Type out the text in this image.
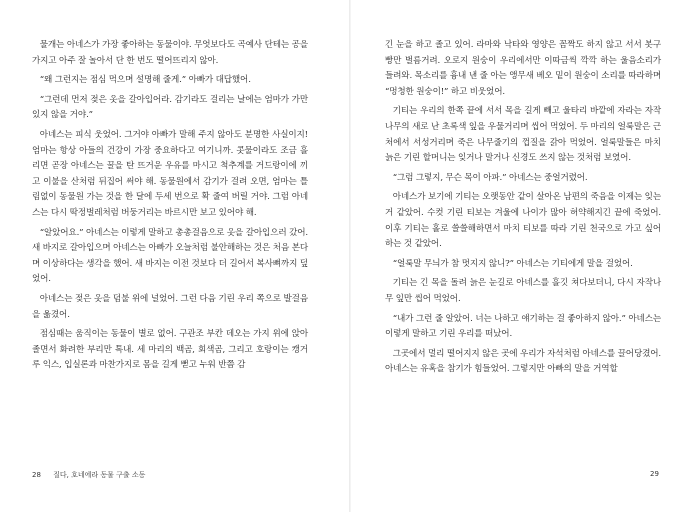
물개는 아네스가 가장 좋아하는 동물이야. 무엇보다도 곡예사 단테는 공을 가지고 아주 잘 놀아서 단 한 번도 떨어뜨리지 않아.

“왜 그런지는 점심 먹으며 설명해 줄게.” 아빠가 대답했어.

“그런데 먼저 젖은 옷을 갈아입어라. 감기라도 걸리는 날에는 엄마가 가만있지 않을 거야.”

아네스는 피식 웃었어. 그거야 아빠가 말해 주지 않아도 분명한 사실이지! 엄마는 항상 아들의 건강이 가장 중요하다고 여기니까. 콧물이라도 조금 흘리면 곧장 아네스는 꿀을 탄 뜨거운 우유를 마시고 척추계를 거드랑이에 끼고 이불을 산처럼 뒤집어 써야 해. 동물원에서 감기가 걸려 오면, 엄마는 틀림없이 동물원 가는 것을 한 달에 두세 번으로 확 줄여 버릴 거야. 그럼 아네스는 다시 딱정벌레처럼 버둥거리는 바르시만 보고 있어야 해.

“알았어요.” 아네스는 이렇게 말하고 총총걸음으로 옷을 갈아입으러 갔어. 새 바지로 갈아입으며 아네스는 아빠가 오늘처럼 불안해하는 것은 처음 본다며 이상하다는 생각을 했어. 새 바지는 이전 것보다 더 길어서 복사뼈까지 덮었어.

아네스는 젖은 옷을 덤불 위에 널었어. 그런 다음 기린 우리 쪽으로 발걸음을 옮겼어.

점심때는 움직이는 동물이 별로 없어. 구관조 부칸 데오는 가지 위에 앉아 졸면서 화려한 부리만 톡내. 세 마리의 백곰, 회색곰, 그리고 호랑이는 캥거루 익스, 입실론과 마찬가지로 몸을 길게 뻗고 누워 반쯤 감

긴 눈을 하고 졸고 있어. 라마와 낙타와 영양은 꼼짝도 하지 않고 서서 봇구빵만 벌름거려. 오로지 원숭이 우리에서만 이따금씩 깍깍 하는 울음소리가 들려와. 목소리를 흉내 낸 줄 아는 앵무새 베오 밑이 원숭이 소리를 따라하며 “멍청한 원숭이!” 하고 비웃었어.

기티는 우리의 한쪽 끝에 서서 목을 길게 빼고 울타리 바깥에 자라는 자작나무의 새로 난 초록색 잎을 우물거리며 씹어 먹었어. 두 마리의 얼룩말은 근처에서 서성거리며 죽은 나무줄기의 껍질을 갉아 먹었어. 얼룩말들은 마치 늙은 기린 할머니는 잊거나 말거나 신경도 쓰지 않는 것처럼 보였어.

“그럼 그렇지, 무슨 목이 아파.” 아네스는 중얼거렸어.

아네스가 보기에 기티는 오랫동안 같이 살아온 남편의 죽음을 이제는 잊는 거 같았어. 수컷 기린 티보는 겨울에 나이가 많아 허약해지긴 끝에 죽었어. 이후 기티는 홀로 쓸쓸해하면서 마치 티보를 따라 기린 천국으로 가고 싶어 하는 것 같았어.

“얼룩말 무늬가 참 멋지지 않니?” 아네스는 기티에게 말을 걸었어.

기티는 긴 목을 돌려 늙은 눈길로 아네스를 흘깃 쳐다보더니, 다시 자작나무 잎만 씹어 먹었어.

“내가 그런 줄 알았어. 너는 나하고 얘기하는 걸 좋아하지 않아.” 아네스는 이렇게 말하고 기린 우리를 떠났어.

그곳에서 멀리 떨어지지 않은 곳에 우리가 자석처럼 아네스를 끌어당겼어. 아네스는 유혹을 참기가 힘들었어. 그렇지만 아빠의 말을 거역할

28 질다, 호네에라 동물 구출 소동	29
